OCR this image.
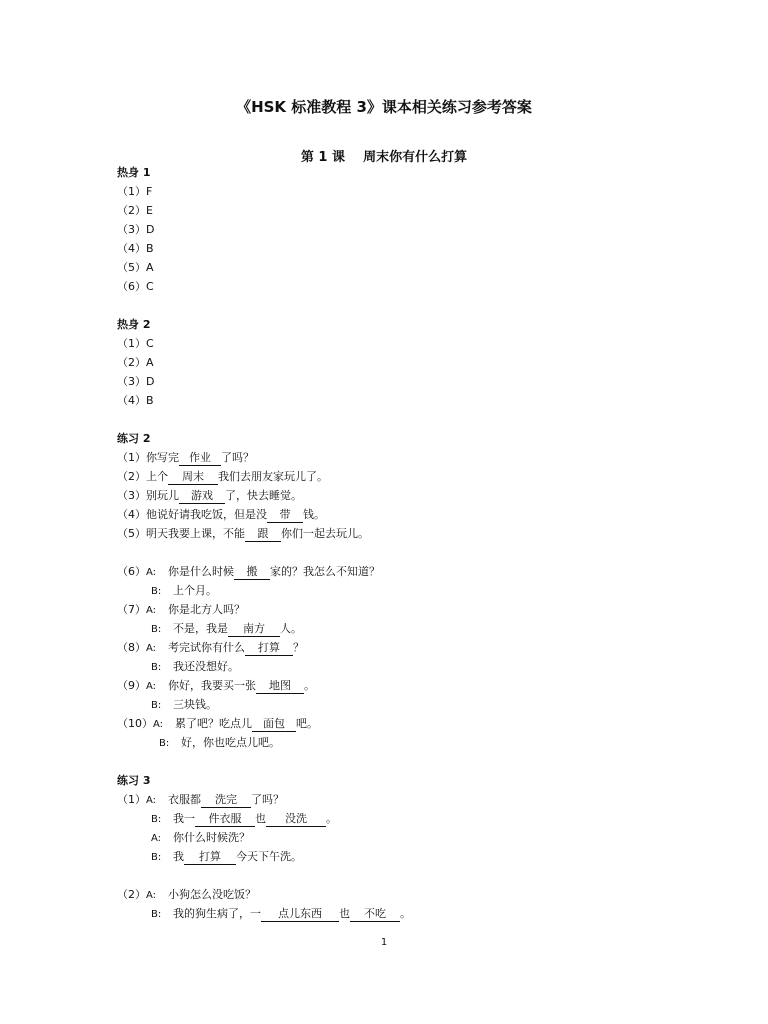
《HSK 标准教程 3》课本相关练习参考答案
第 1 课    周末你有什么打算
热身 1
（1）F
（2）E
（3）D
（4）B
（5）A
（6）C
热身 2
（1）C
（2）A
（3）D
（4）B
练习 2
（1）你写完 作业 了吗？
（2）上个 周末 我们去朋友家玩儿了。
（3）别玩儿 游戏 了，快去睡觉。
（4）他说好请我吃饭，但是没 带 钱。
（5）明天我要上课，不能 跟 你们一起去玩儿。
（6）A: 你是什么时候 搬 家的？我怎么不知道？
B: 上个月。
（7）A: 你是北方人吗？
B: 不是，我是 南方 人。
（8）A: 考完试你有什么 打算 ？
B: 我还没想好。
（9）A: 你好，我要买一张 地图 。
B: 三块钱。
（10）A: 累了吧？吃点儿 面包 吧。
B: 好，你也吃点儿吧。
练习 3
（1）A: 衣服都 洗完 了吗？
B: 我一 件衣服 也 没洗 。
A: 你什么时候洗？
B: 我 打算 今天下午洗。
（2）A: 小狗怎么没吃饭？
B: 我的狗生病了，一 点儿东西 也 不吃 。
1
